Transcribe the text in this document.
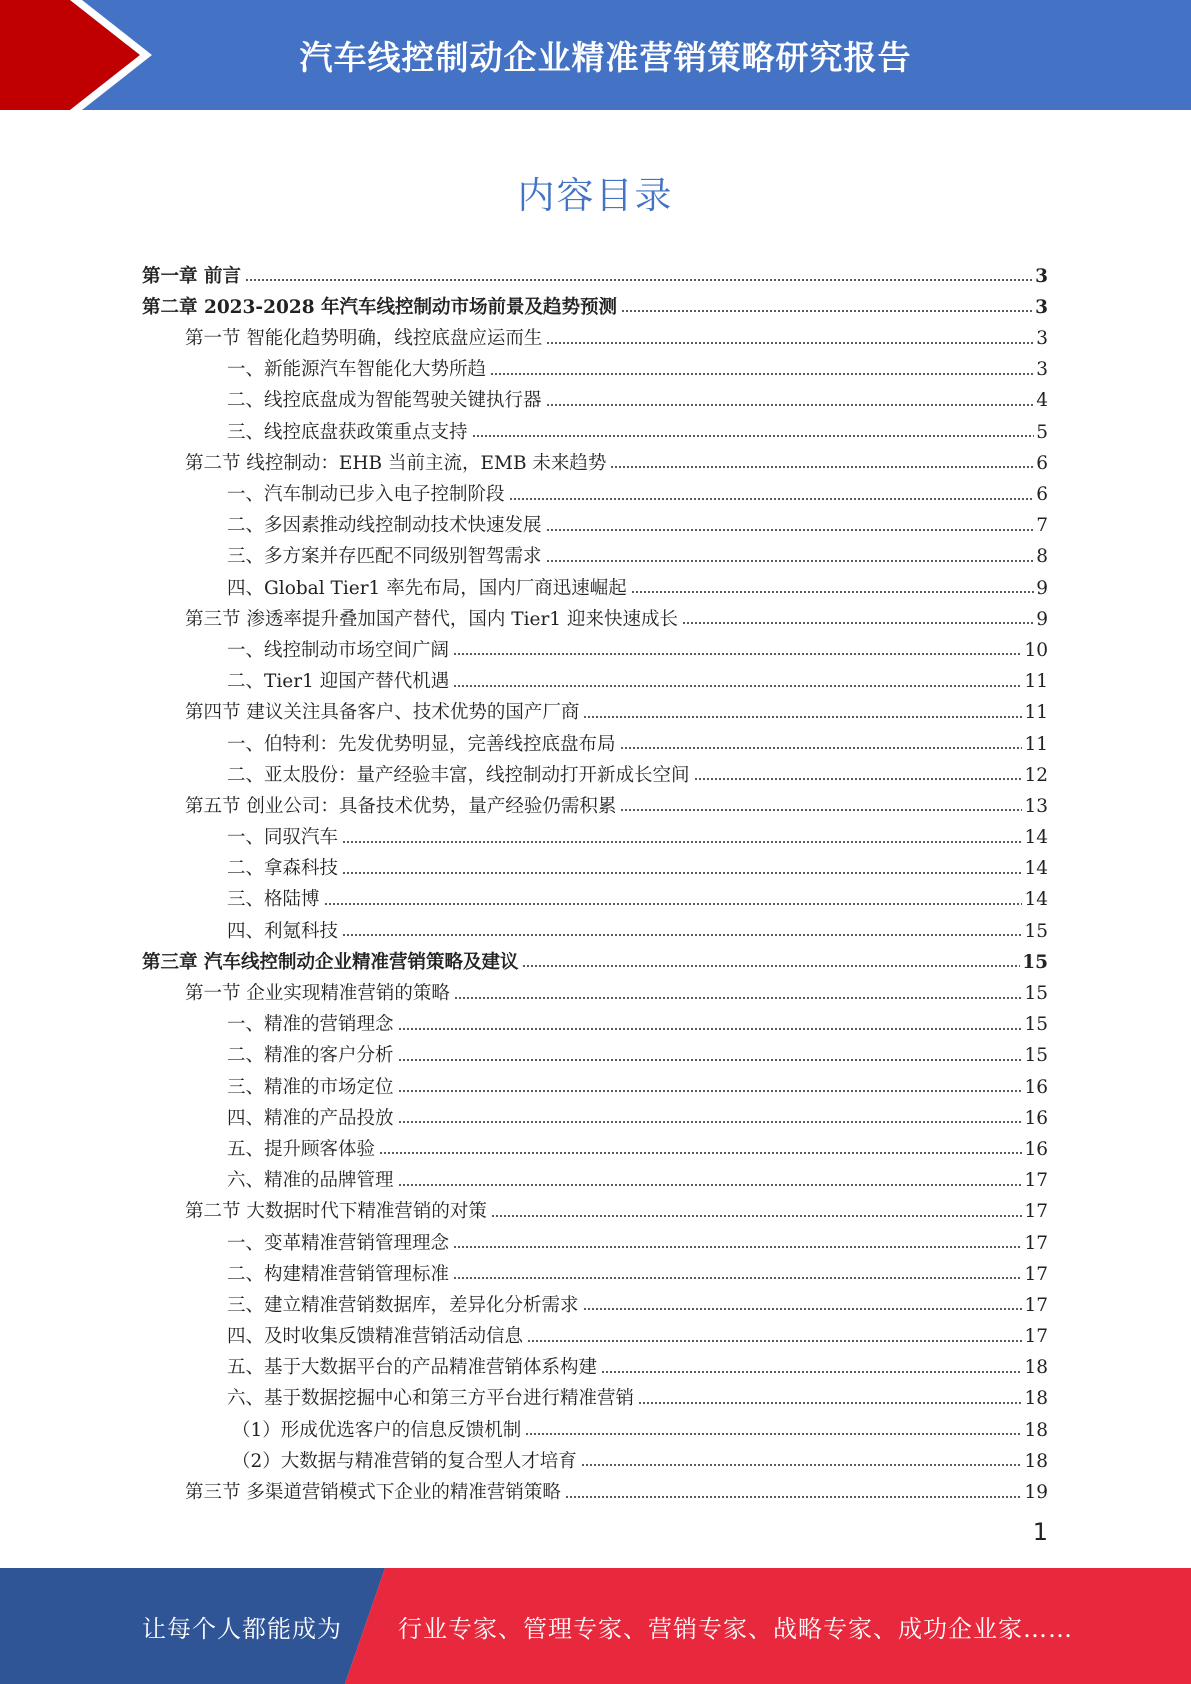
汽车线控制动企业精准营销策略研究报告
内容目录
第一章 前言	3
第二章 2023-2028 年汽车线控制动市场前景及趋势预测	3
第一节 智能化趋势明确，线控底盘应运而生	3
一、新能源汽车智能化大势所趋	3
二、线控底盘成为智能驾驶关键执行器	4
三、线控底盘获政策重点支持	5
第二节 线控制动：EHB 当前主流，EMB 未来趋势	6
一、汽车制动已步入电子控制阶段	6
二、多因素推动线控制动技术快速发展	7
三、多方案并存匹配不同级别智驾需求	8
四、Global Tier1 率先布局，国内厂商迅速崛起	9
第三节 渗透率提升叠加国产替代，国内 Tier1 迎来快速成长	9
一、线控制动市场空间广阔	10
二、Tier1 迎国产替代机遇	11
第四节 建议关注具备客户、技术优势的国产厂商	11
一、伯特利：先发优势明显，完善线控底盘布局	11
二、亚太股份：量产经验丰富，线控制动打开新成长空间	12
第五节 创业公司：具备技术优势，量产经验仍需积累	13
一、同驭汽车	14
二、拿森科技	14
三、格陆博	14
四、利氪科技	15
第三章 汽车线控制动企业精准营销策略及建议	15
第一节 企业实现精准营销的策略	15
一、精准的营销理念	15
二、精准的客户分析	15
三、精准的市场定位	16
四、精准的产品投放	16
五、提升顾客体验	16
六、精准的品牌管理	17
第二节 大数据时代下精准营销的对策	17
一、变革精准营销管理理念	17
二、构建精准营销管理标准	17
三、建立精准营销数据库，差异化分析需求	17
四、及时收集反馈精准营销活动信息	17
五、基于大数据平台的产品精准营销体系构建	18
六、基于数据挖掘中心和第三方平台进行精准营销	18
（1）形成优选客户的信息反馈机制	18
（2）大数据与精准营销的复合型人才培育	18
第三节 多渠道营销模式下企业的精准营销策略	19
1
让每个人都能成为 行业专家、管理专家、营销专家、战略专家、成功企业家……
